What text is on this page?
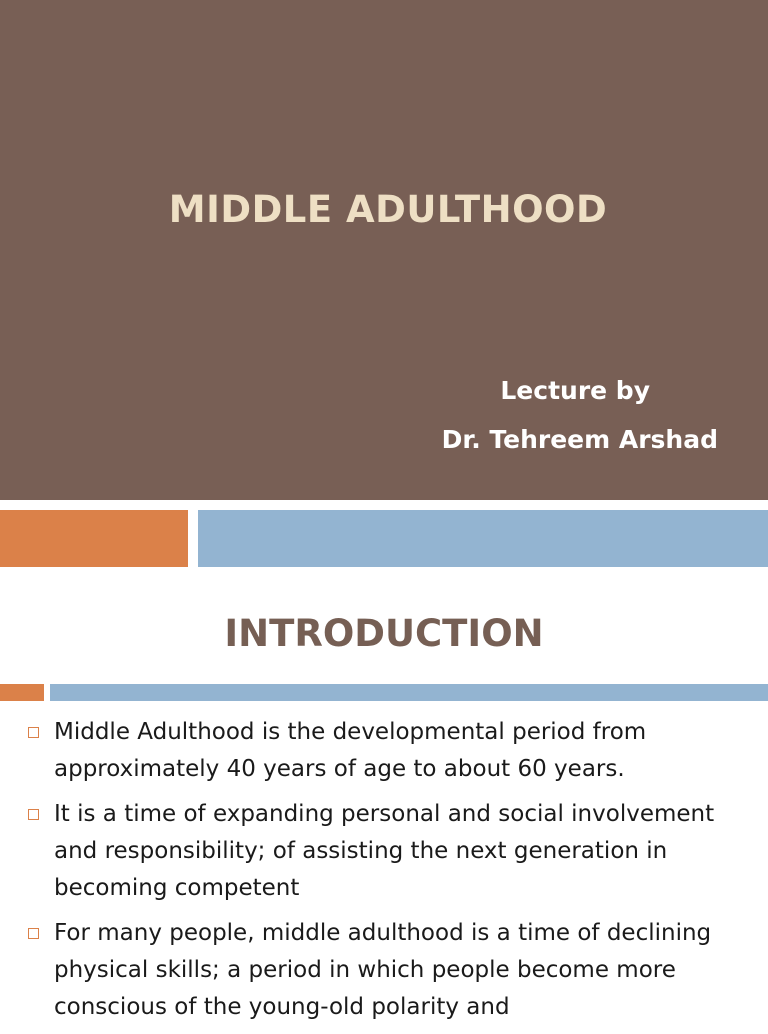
MIDDLE ADULTHOOD
Lecture by
Dr. Tehreem Arshad
INTRODUCTION
Middle Adulthood is the developmental period from approximately 40 years of age to about 60 years.
It is a time of expanding personal and social involvement and responsibility; of assisting the next generation in becoming competent
For many people, middle adulthood is a time of declining physical skills; a period in which people become more conscious of the young-old polarity and
